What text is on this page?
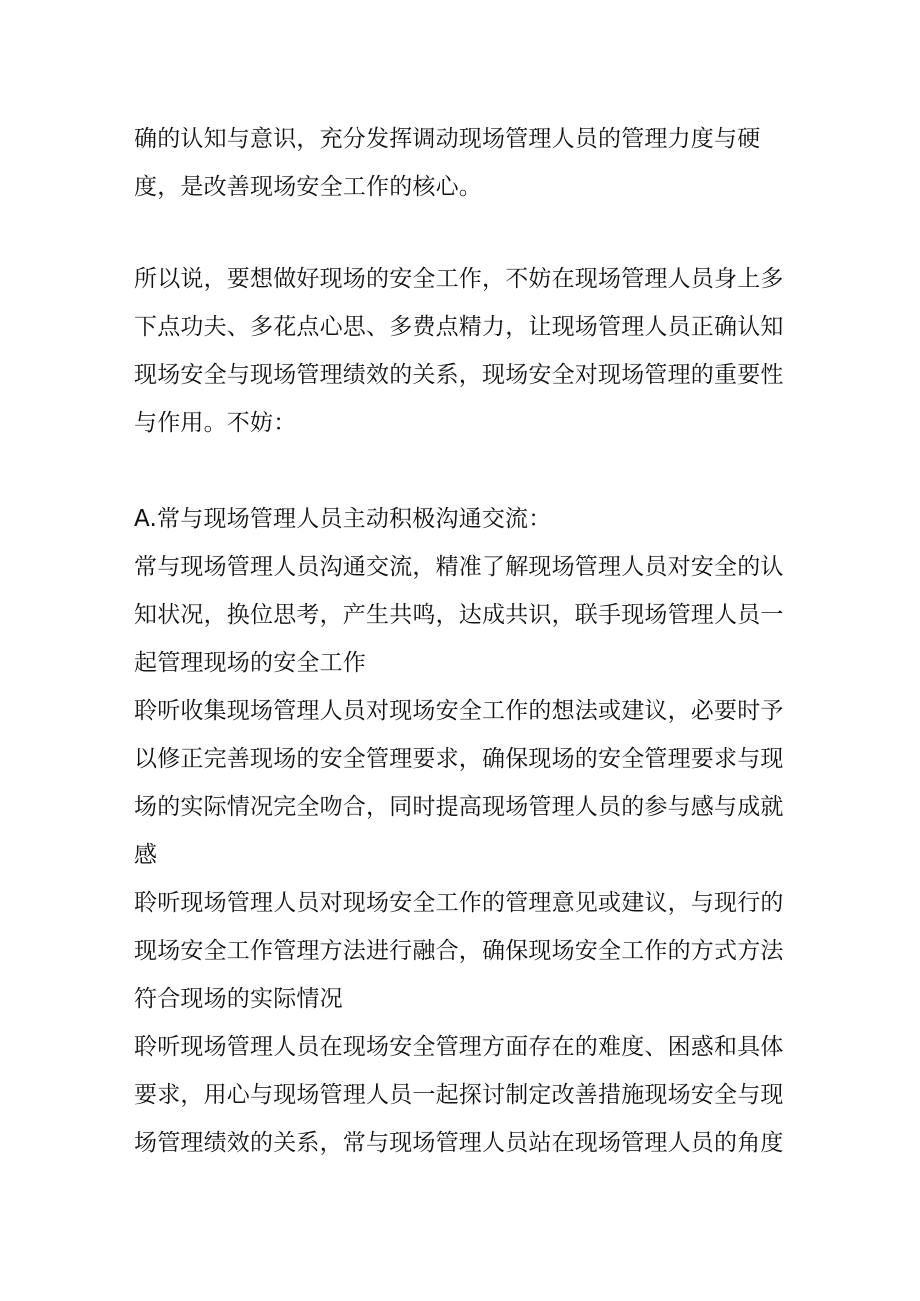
确的认知与意识，充分发挥调动现场管理人员的管理力度与硬
度，是改善现场安全工作的核心。
所以说，要想做好现场的安全工作，不妨在现场管理人员身上多
下点功夫、多花点心思、多费点精力，让现场管理人员正确认知
现场安全与现场管理绩效的关系，现场安全对现场管理的重要性
与作用。不妨：
A.常与现场管理人员主动积极沟通交流：
常与现场管理人员沟通交流，精准了解现场管理人员对安全的认
知状况，换位思考，产生共鸣，达成共识，联手现场管理人员一
起管理现场的安全工作
聆听收集现场管理人员对现场安全工作的想法或建议，必要时予
以修正完善现场的安全管理要求，确保现场的安全管理要求与现
场的实际情况完全吻合，同时提高现场管理人员的参与感与成就
感
聆听现场管理人员对现场安全工作的管理意见或建议，与现行的
现场安全工作管理方法进行融合，确保现场安全工作的方式方法
符合现场的实际情况
聆听现场管理人员在现场安全管理方面存在的难度、困惑和具体
要求，用心与现场管理人员一起探讨制定改善措施现场安全与现
场管理绩效的关系，常与现场管理人员站在现场管理人员的角度
